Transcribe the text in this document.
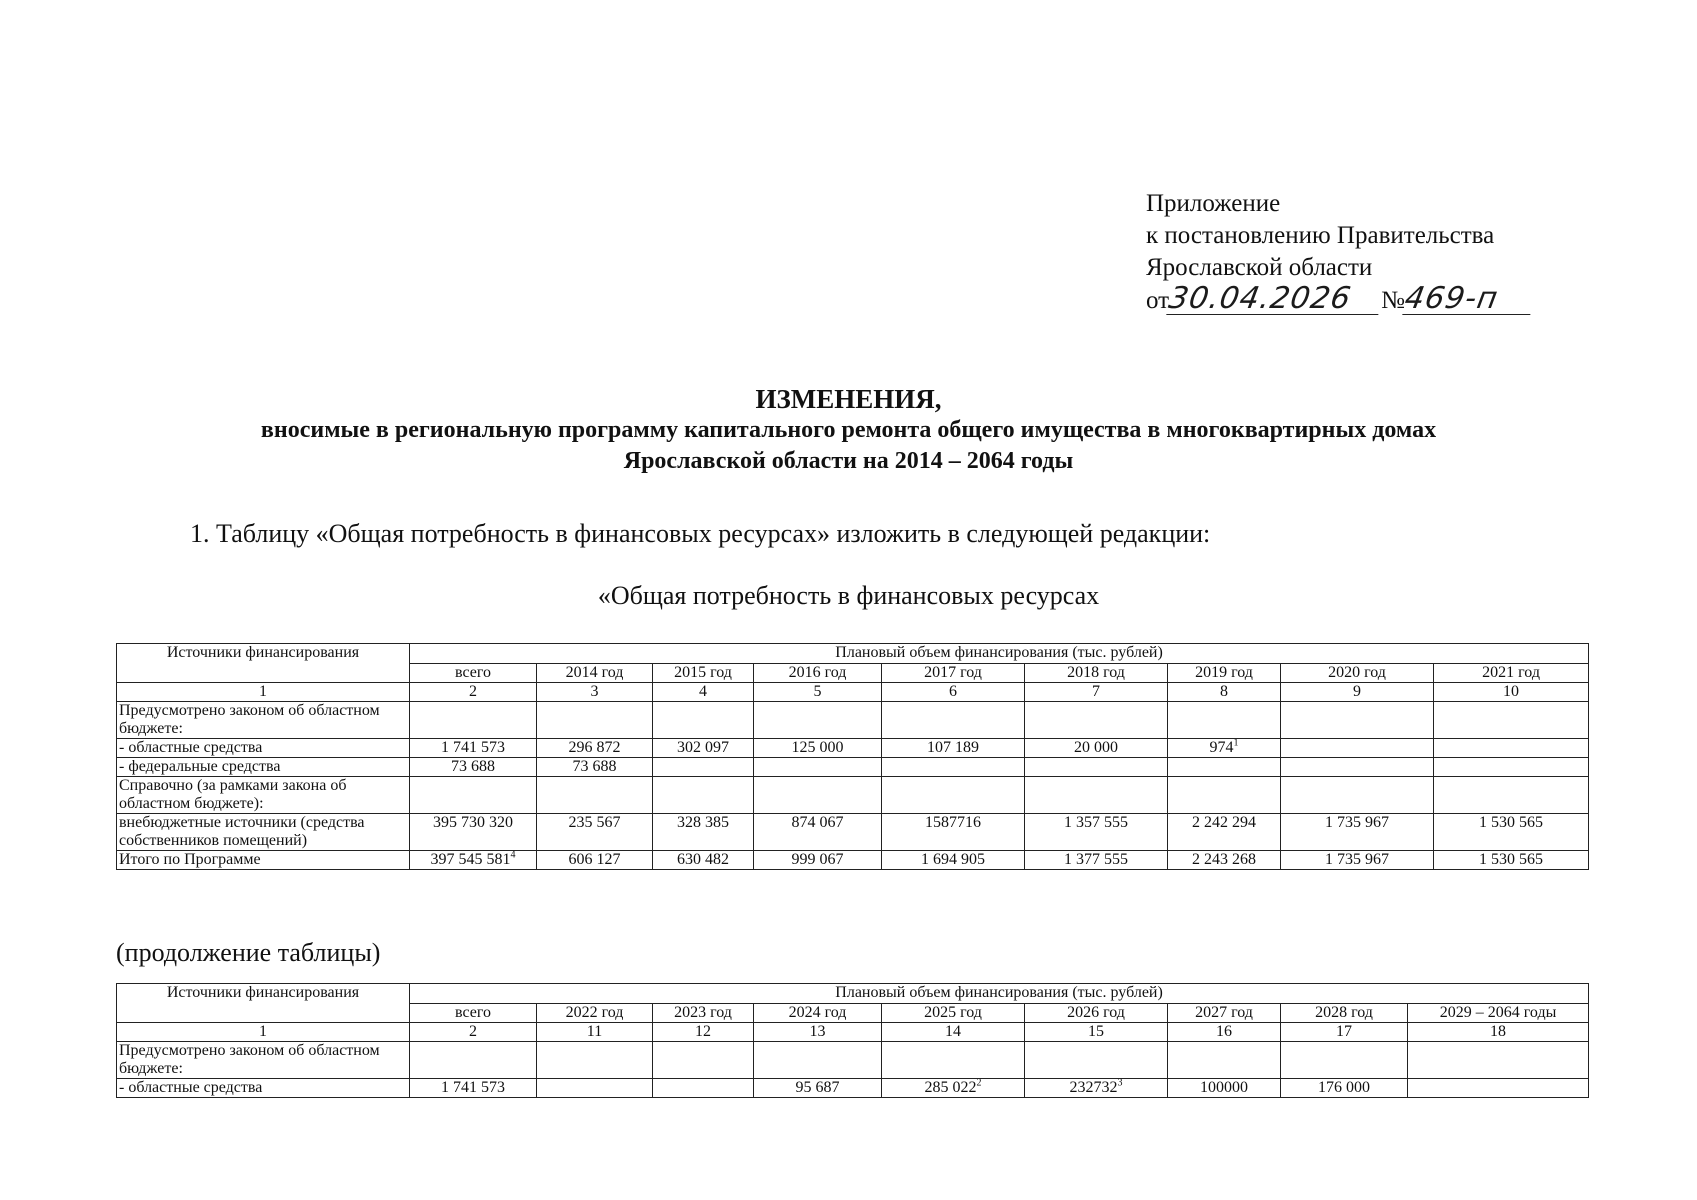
Приложение
к постановлению Правительства
Ярославской области
от30.04.2026 №469-п
ИЗМЕНЕНИЯ,
вносимые в региональную программу капитального ремонта общего имущества в многоквартирных домах
Ярославской области на 2014 – 2064 годы
1. Таблицу «Общая потребность в финансовых ресурсах» изложить в следующей редакции:
«Общая потребность в финансовых ресурсах
Источники финансирования	Плановый объем финансирования (тыс. рублей)								
	всего	2014 год	2015 год	2016 год	2017 год	2018 год	2019 год	2020 год	2021 год
1	2	3	4	5	6	7	8	9	10
Предусмотрено законом об областном бюджете:									
- областные средства	1 741 573	296 872	302 097	125 000	107 189	20 000	$974^1$		
- федеральные средства	73 688	73 688							
Справочно (за рамками закона об областном бюджете):									
внебюджетные источники (средства собственников помещений)	395 730 320	235 567	328 385	874 067	1587716	1 357 555	2 242 294	1 735 967	1 530 565
Итого по Программе	397 545 $581^4$	606 127	630 482	999 067	1 694 905	1 377 555	2 243 268	1 735 967	1 530 565
(продолжение таблицы)
Источники финансирования	Плановый объем финансирования (тыс. рублей)								
	всего	2022 год	2023 год	2024 год	2025 год	2026 год	2027 год	2028 год	2029 – 2064 годы
1	2	11	12	13	14	15	16	17	18
Предусмотрено законом об областном бюджете:									
- областные средства	1 741 573			95 687	285 $022^2$	232732$^3$	100000	176 000	
